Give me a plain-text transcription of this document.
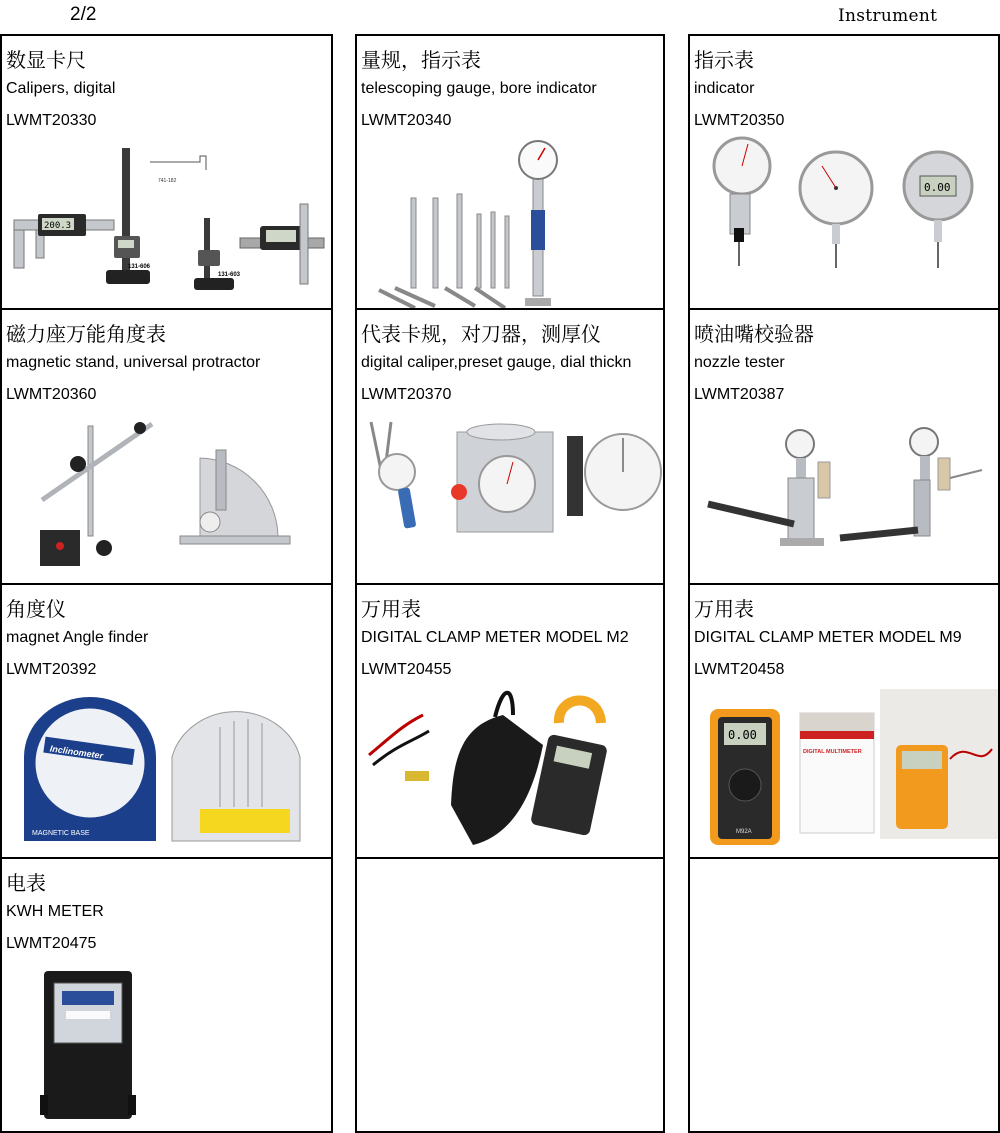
2/2	Instrument
数显卡尺
Calipers, digital
LWMT20330
200.3
131-606
741-182
131-603
量规，指示表
telescoping gauge, bore indicator
LWMT20340
指示表
indicator
LWMT20350
0.00
磁力座万能角度表
magnetic stand, universal protractor
LWMT20360
代表卡规，对刀器，测厚仪
digital caliper,preset gauge, dial thickn
LWMT20370
喷油嘴校验器
nozzle tester
LWMT20387
角度仪
magnet Angle finder
LWMT20392
Inclinometer
MAGNETIC BASE
万用表
DIGITAL CLAMP METER MODEL M2
LWMT20455
万用表
DIGITAL CLAMP METER MODEL M9
LWMT20458
0.00
M92A
DIGITAL MULTIMETER
电表
KWH METER
LWMT20475
